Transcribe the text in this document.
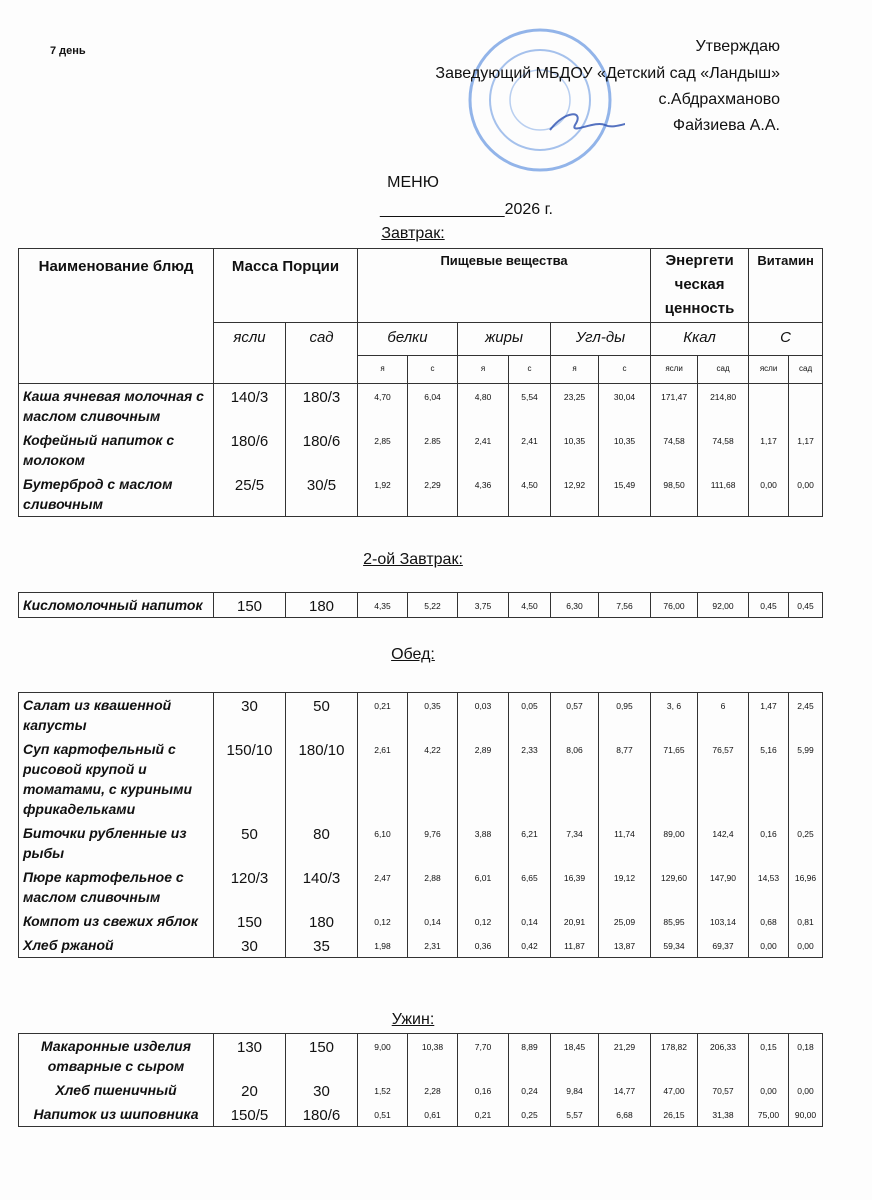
7 день	Утверждаю
Заведующий МБДОУ «Детский сад «Ландыш»
с.Абдрахманово
Файзиева А.А.
МЕНЮ
______________2026 г.
Завтрак:
Наименование блюд	Масса Порции		Пищевые вещества						Энергети ческая ценность		Витамин	
	ясли	сад	белки		жиры		Угл-ды		Ккал		С	
			я	с	я	с	я	с	ясли	сад	ясли	сад
Каша ячневая молочная с маслом сливочным	140/3	180/3	4,70	6,04	4,80	5,54	23,25	30,04	171,47	214,80		
Кофейный напиток с молоком	180/6	180/6	2,85	2.85	2,41	2,41	10,35	10,35	74,58	74,58	1,17	1,17
Бутерброд с маслом сливочным	25/5	30/5	1,92	2,29	4,36	4,50	12,92	15,49	98,50	111,68	0,00	0,00
2-ой Завтрак:
Кисломолочный напиток	150	180	4,35	5,22	3,75	4,50	6,30	7,56	76,00	92,00	0,45	0,45
Обед:
Салат из квашенной капусты	30	50	0,21	0,35	0,03	0,05	0,57	0,95	3, 6	6	1,47	2,45
Суп картофельный с рисовой крупой и томатами, с куриными фрикадельками	150/10	180/10	2,61	4,22	2,89	2,33	8,06	8,77	71,65	76,57	5,16	5,99
Биточки рубленные из рыбы	50	80	6,10	9,76	3,88	6,21	7,34	11,74	89,00	142,4	0,16	0,25
Пюре картофельное с маслом сливочным	120/3	140/3	2,47	2,88	6,01	6,65	16,39	19,12	129,60	147,90	14,53	16,96
Компот из свежих яблок	150	180	0,12	0,14	0,12	0,14	20,91	25,09	85,95	103,14	0,68	0,81
Хлеб ржаной	30	35	1,98	2,31	0,36	0,42	11,87	13,87	59,34	69,37	0,00	0,00
Ужин:
Макаронные изделия отварные с сыром	130	150	9,00	10,38	7,70	8,89	18,45	21,29	178,82	206,33	0,15	0,18
Хлеб пшеничный	20	30	1,52	2,28	0,16	0,24	9,84	14,77	47,00	70,57	0,00	0,00
Напиток из шиповника	150/5	180/6	0,51	0,61	0,21	0,25	5,57	6,68	26,15	31,38	75,00	90,00
